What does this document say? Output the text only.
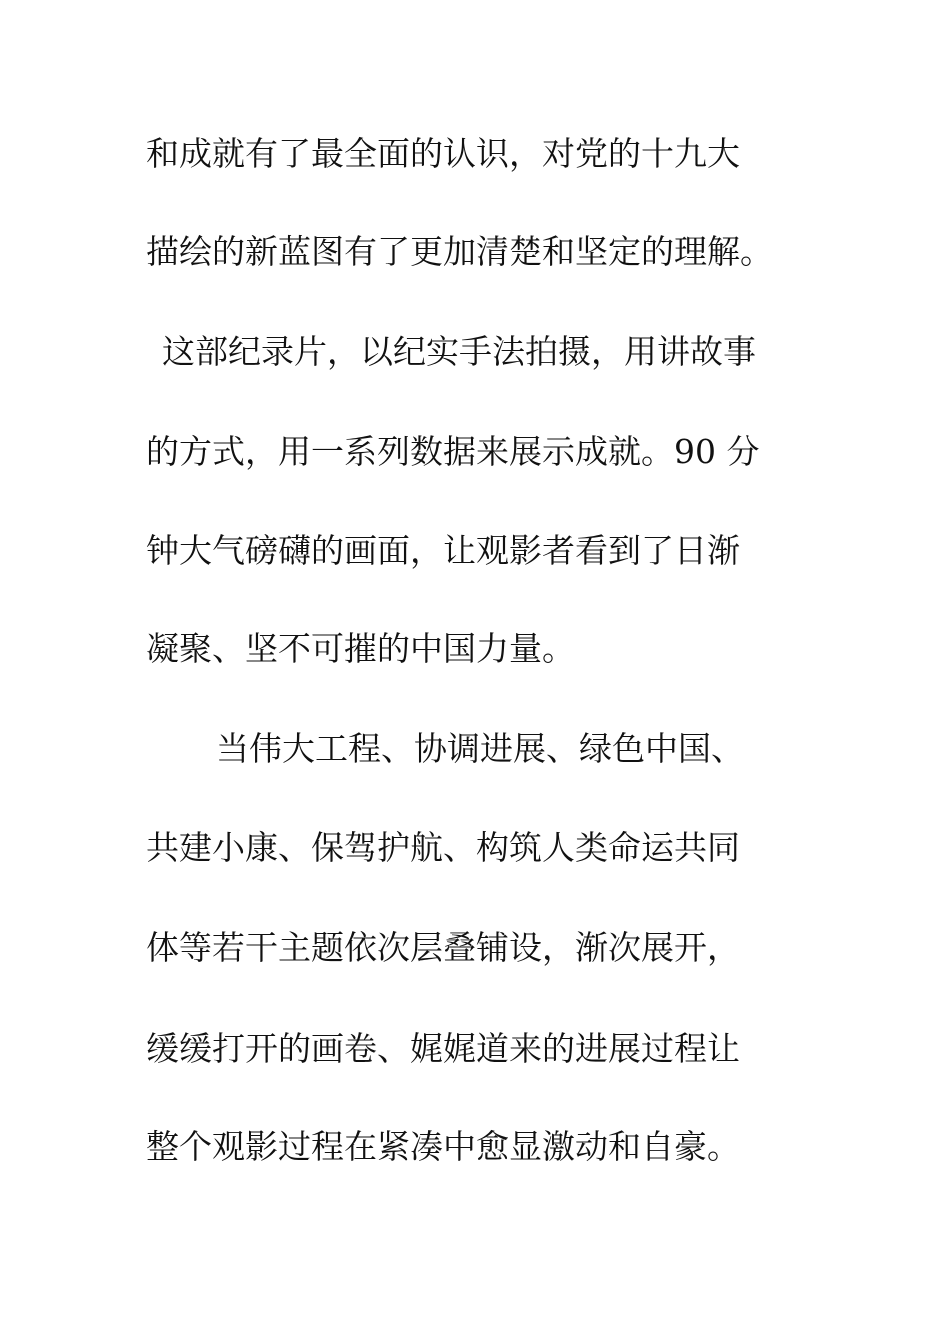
和成就有了最全面的认识，对党的十九大
描绘的新蓝图有了更加清楚和坚定的理解。
这部纪录片，以纪实手法拍摄，用讲故事
的方式，用一系列数据来展示成就。90 分
钟大气磅礴的画面，让观影者看到了日渐
凝聚、坚不可摧的中国力量。
当伟大工程、协调进展、绿色中国、
共建小康、保驾护航、构筑人类命运共同
体等若干主题依次层叠铺设，渐次展开，
缓缓打开的画卷、娓娓道来的进展过程让
整个观影过程在紧凑中愈显激动和自豪。
